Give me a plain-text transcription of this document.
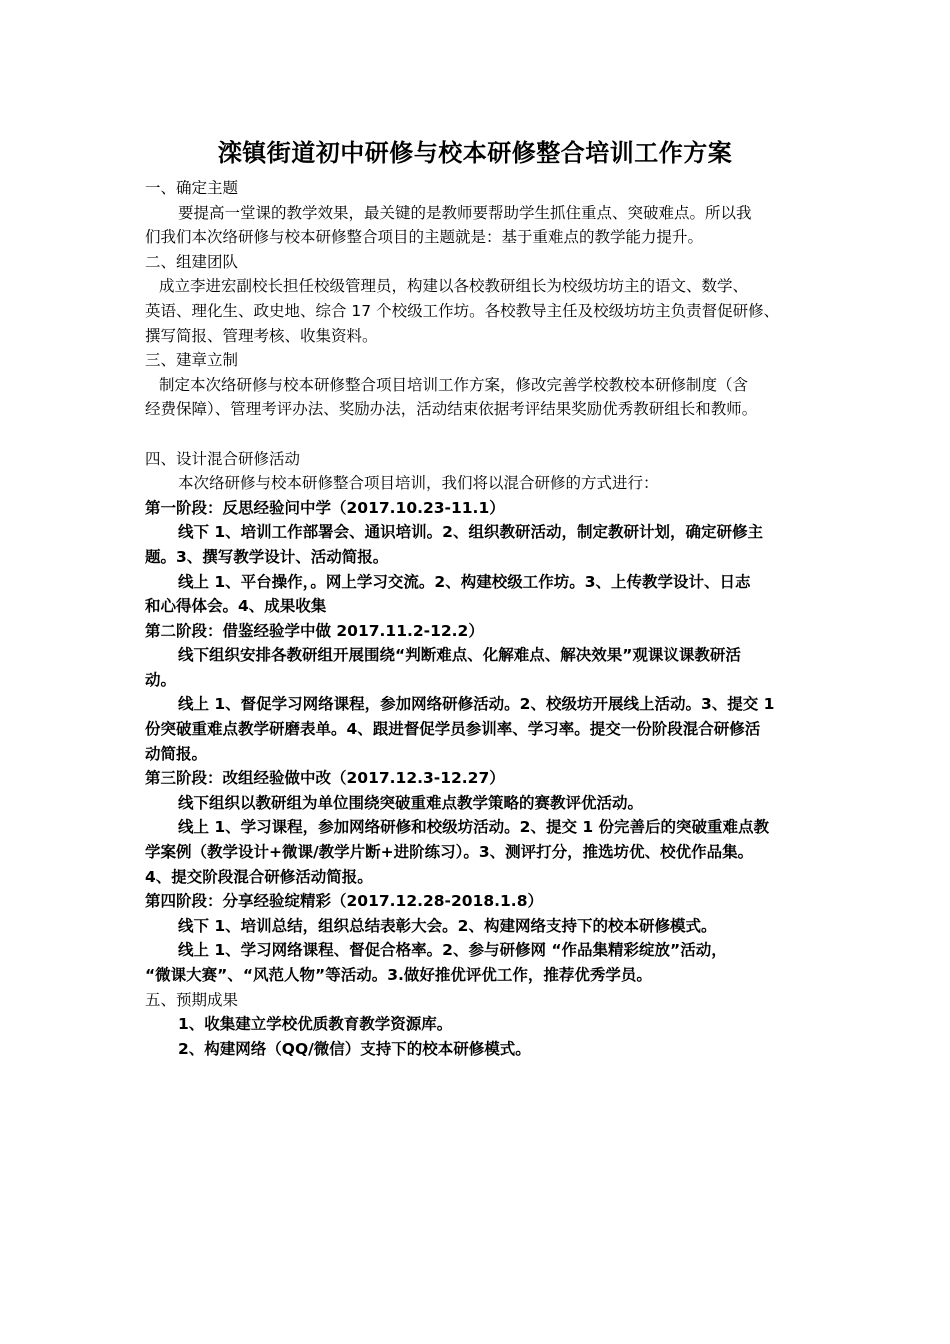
滦镇街道初中研修与校本研修整合培训工作方案
一、确定主题
要提高一堂课的教学效果，最关键的是教师要帮助学生抓住重点、突破难点。所以我
们我们本次络研修与校本研修整合项目的主题就是：基于重难点的教学能力提升。
二、组建团队
成立李进宏副校长担任校级管理员，构建以各校教研组长为校级坊坊主的语文、数学、
英语、理化生、政史地、综合 17 个校级工作坊。各校教导主任及校级坊坊主负责督促研修、
撰写简报、管理考核、收集资料。
三、建章立制
制定本次络研修与校本研修整合项目培训工作方案，修改完善学校教校本研修制度（含
经费保障）、管理考评办法、奖励办法，活动结束依据考评结果奖励优秀教研组长和教师。
四、设计混合研修活动
本次络研修与校本研修整合项目培训，我们将以混合研修的方式进行：
第一阶段：反思经验问中学（2017.10.23-11.1）
线下 1、培训工作部署会、通识培训。2、组织教研活动，制定教研计划，确定研修主
题。3、撰写教学设计、活动简报。
线上 1、平台操作，。网上学习交流。2、构建校级工作坊。3、上传教学设计、日志
和心得体会。4、成果收集
第二阶段：借鉴经验学中做 2017.11.2-12.2）
线下组织安排各教研组开展围绕“判断难点、化解难点、解决效果”观课议课教研活
动。
线上 1、督促学习网络课程，参加网络研修活动。2、校级坊开展线上活动。3、提交 1
份突破重难点教学研磨表单。4、跟进督促学员参训率、学习率。提交一份阶段混合研修活
动简报。
第三阶段：改组经验做中改（2017.12.3-12.27）
线下组织以教研组为单位围绕突破重难点教学策略的赛教评优活动。
线上 1、学习课程，参加网络研修和校级坊活动。2、提交 1 份完善后的突破重难点教
学案例（教学设计+微课/教学片断+进阶练习）。3、测评打分，推选坊优、校优作品集。
4、提交阶段混合研修活动简报。
第四阶段：分享经验绽精彩（2017.12.28-2018.1.8）
线下 1、培训总结，组织总结表彰大会。2、构建网络支持下的校本研修模式。
线上 1、学习网络课程、督促合格率。2、参与研修网 “作品集精彩绽放”活动，
“微课大赛”、“风范人物”等活动。3.做好推优评优工作，推荐优秀学员。
五、预期成果
1、收集建立学校优质教育教学资源库。
2、构建网络（QQ/微信）支持下的校本研修模式。
